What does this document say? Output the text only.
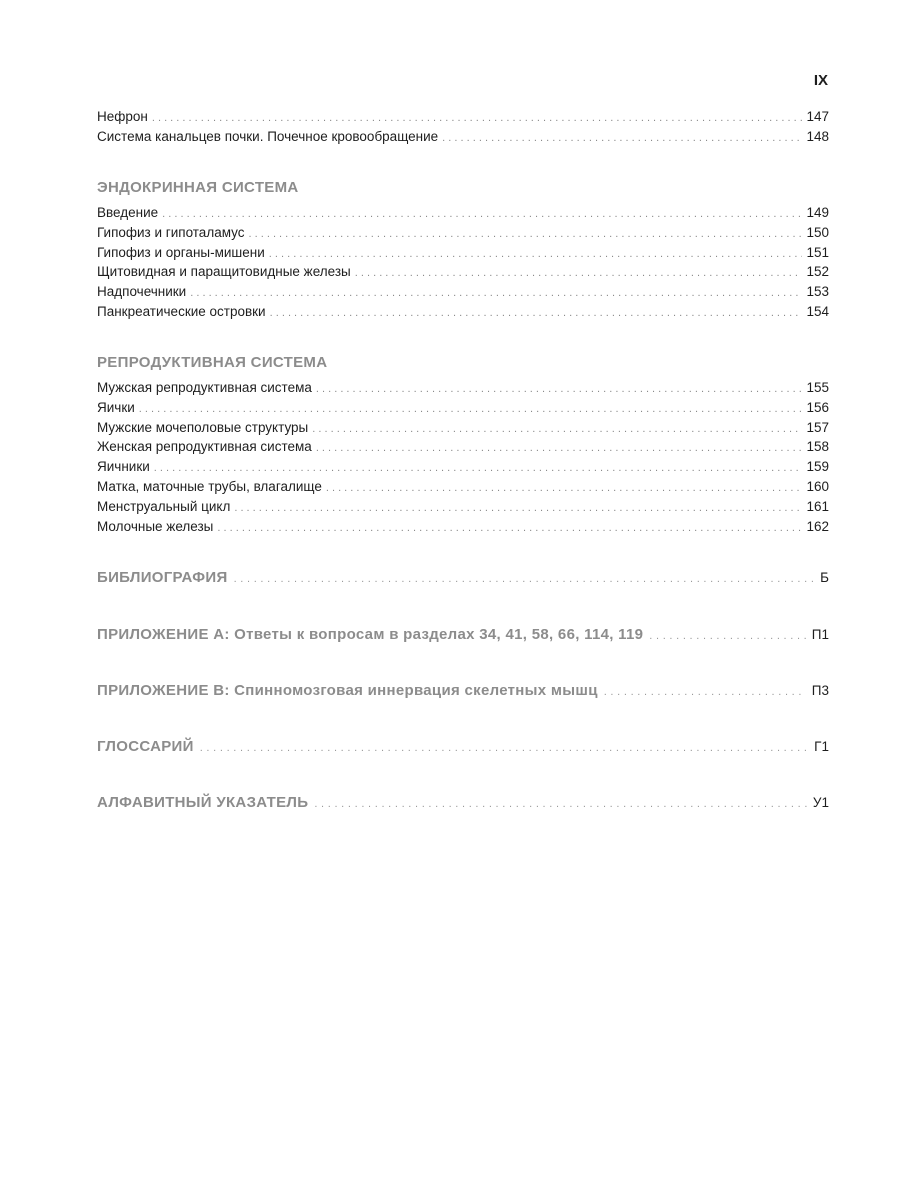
IX
Нефрон . . .	147
Система канальцев почки. Почечное кровообращение . . .	148
ЭНДОКРИННАЯ СИСТЕМА
Введение . . .	149
Гипофиз и гипоталамус . . .	150
Гипофиз и органы-мишени . . .	151
Щитовидная и паращитовидные железы . . .	152
Надпочечники . . .	153
Панкреатические островки . . .	154
РЕПРОДУКТИВНАЯ СИСТЕМА
Мужская репродуктивная система . . .	155
Яички . . .	156
Мужские мочеполовые структуры . . .	157
Женская репродуктивная система . . .	158
Яичники . . .	159
Матка, маточные трубы, влагалище . . .	160
Менструальный цикл . . .	161
Молочные железы . . .	162
БИБЛИОГРАФИЯ . . .	Б
ПРИЛОЖЕНИЕ А: Ответы к вопросам в разделах 34, 41, 58, 66, 114, 119 . . .	П1
ПРИЛОЖЕНИЕ В: Спинномозговая иннервация скелетных мышц . . .	П3
ГЛОССАРИЙ . . .	Г1
АЛФАВИТНЫЙ УКАЗАТЕЛЬ . . .	У1
